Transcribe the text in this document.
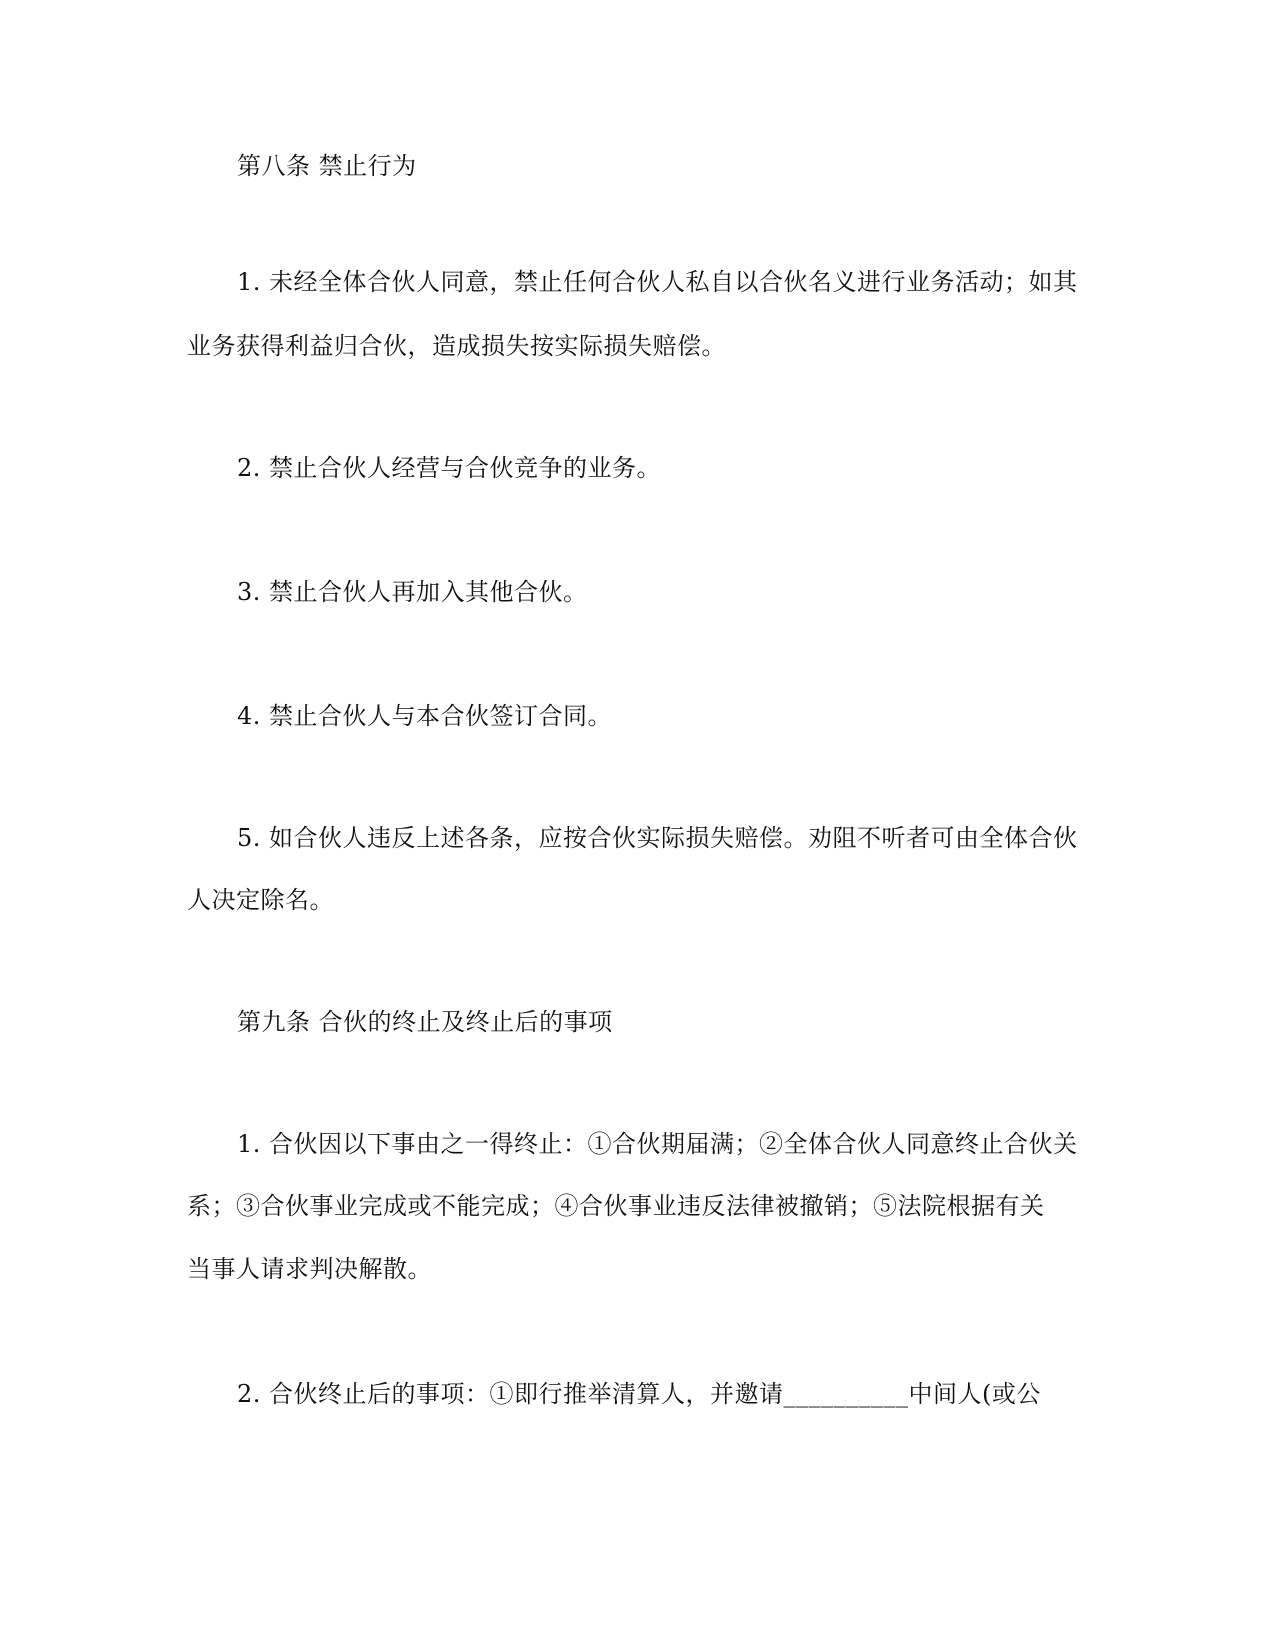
第八条 禁止行为
1. 未经全体合伙人同意，禁止任何合伙人私自以合伙名义进行业务活动；如其
业务获得利益归合伙，造成损失按实际损失赔偿。
2. 禁止合伙人经营与合伙竞争的业务。
3. 禁止合伙人再加入其他合伙。
4. 禁止合伙人与本合伙签订合同。
5. 如合伙人违反上述各条，应按合伙实际损失赔偿。劝阻不听者可由全体合伙
人决定除名。
第九条 合伙的终止及终止后的事项
1. 合伙因以下事由之一得终止：①合伙期届满；②全体合伙人同意终止合伙关
系；③合伙事业完成或不能完成；④合伙事业违反法律被撤销；⑤法院根据有关
当事人请求判决解散。
2. 合伙终止后的事项：①即行推举清算人，并邀请__________中间人(或公
